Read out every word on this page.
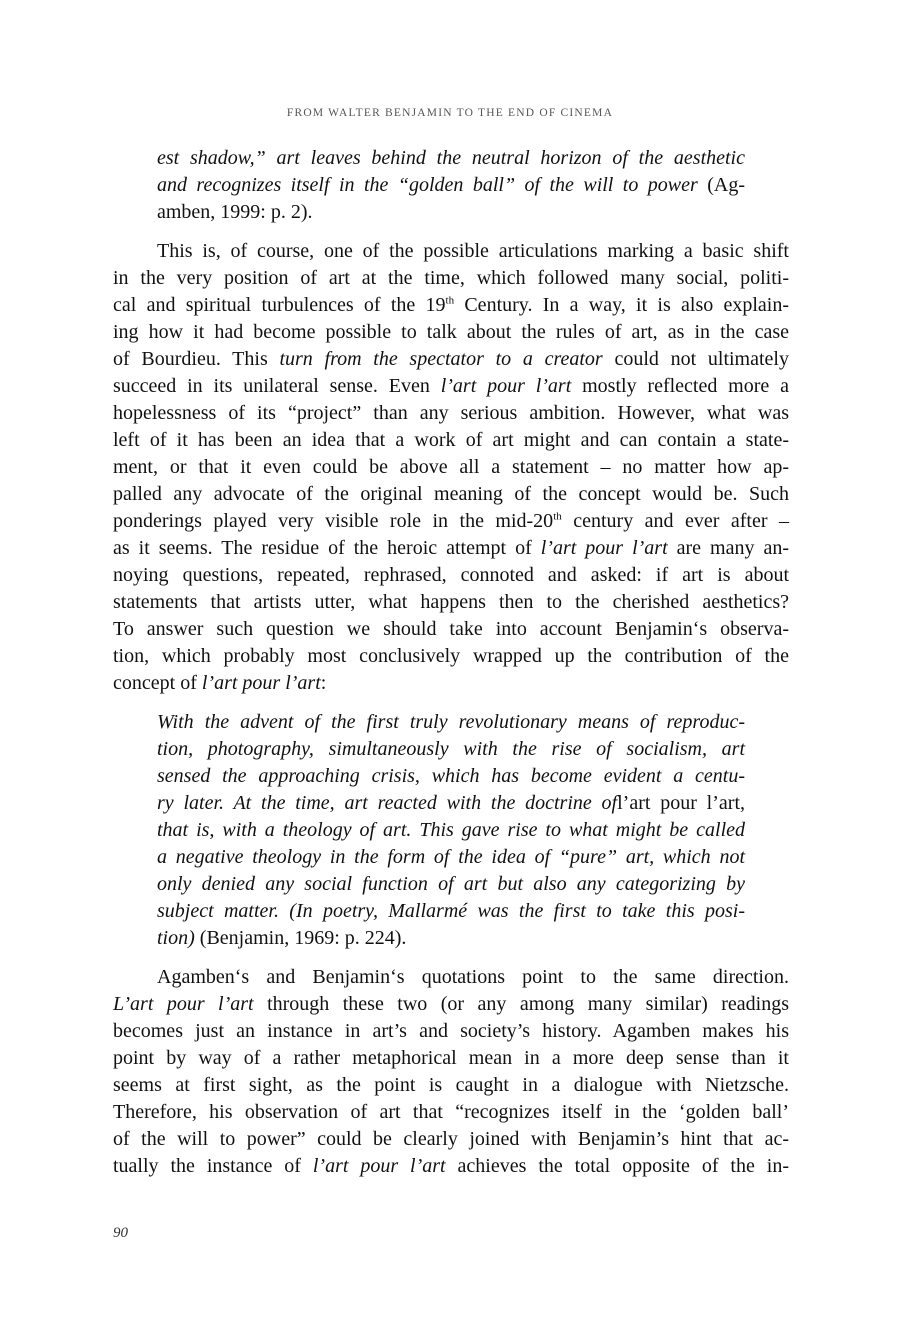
FROM WALTER BENJAMIN TO THE END OF CINEMA
est shadow,” art leaves behind the neutral horizon of the aesthetic
and recognizes itself in the “golden ball” of the will to power (Ag-
amben, 1999: p. 2).
This is, of course, one of the possible articulations marking a basic shift
in the very position of art at the time, which followed many social, politi-
cal and spiritual turbulences of the 19th Century. In a way, it is also explain-
ing how it had become possible to talk about the rules of art, as in the case
of Bourdieu. This turn from the spectator to a creator could not ultimately
succeed in its unilateral sense. Even l’art pour l’art mostly reflected more a
hopelessness of its “project” than any serious ambition. However, what was
left of it has been an idea that a work of art might and can contain a state-
ment, or that it even could be above all a statement – no matter how ap-
palled any advocate of the original meaning of the concept would be. Such
ponderings played very visible role in the mid-20th century and ever after –
as it seems. The residue of the heroic attempt of l’art pour l’art are many an-
noying questions, repeated, rephrased, connoted and asked: if art is about
statements that artists utter, what happens then to the cherished aesthetics?
To answer such question we should take into account Benjamin‘s observa-
tion, which probably most conclusively wrapped up the contribution of the
concept of l’art pour l’art:
With the advent of the first truly revolutionary means of reproduc-
tion, photography, simultaneously with the rise of socialism, art
sensed the approaching crisis, which has become evident a centu-
ry later. At the time, art reacted with the doctrine ofl’art pour l’art,
that is, with a theology of art. This gave rise to what might be called
a negative theology in the form of the idea of “pure” art, which not
only denied any social function of art but also any categorizing by
subject matter. (In poetry, Mallarmé was the first to take this posi-
tion) (Benjamin, 1969: p. 224).
Agamben‘s and Benjamin‘s quotations point to the same direction.
L’art pour l’art through these two (or any among many similar) readings
becomes just an instance in art’s and society’s history. Agamben makes his
point by way of a rather metaphorical mean in a more deep sense than it
seems at first sight, as the point is caught in a dialogue with Nietzsche.
Therefore, his observation of art that “recognizes itself in the ‘golden ball’
of the will to power” could be clearly joined with Benjamin’s hint that ac-
tually the instance of l’art pour l’art achieves the total opposite of the in-
90
